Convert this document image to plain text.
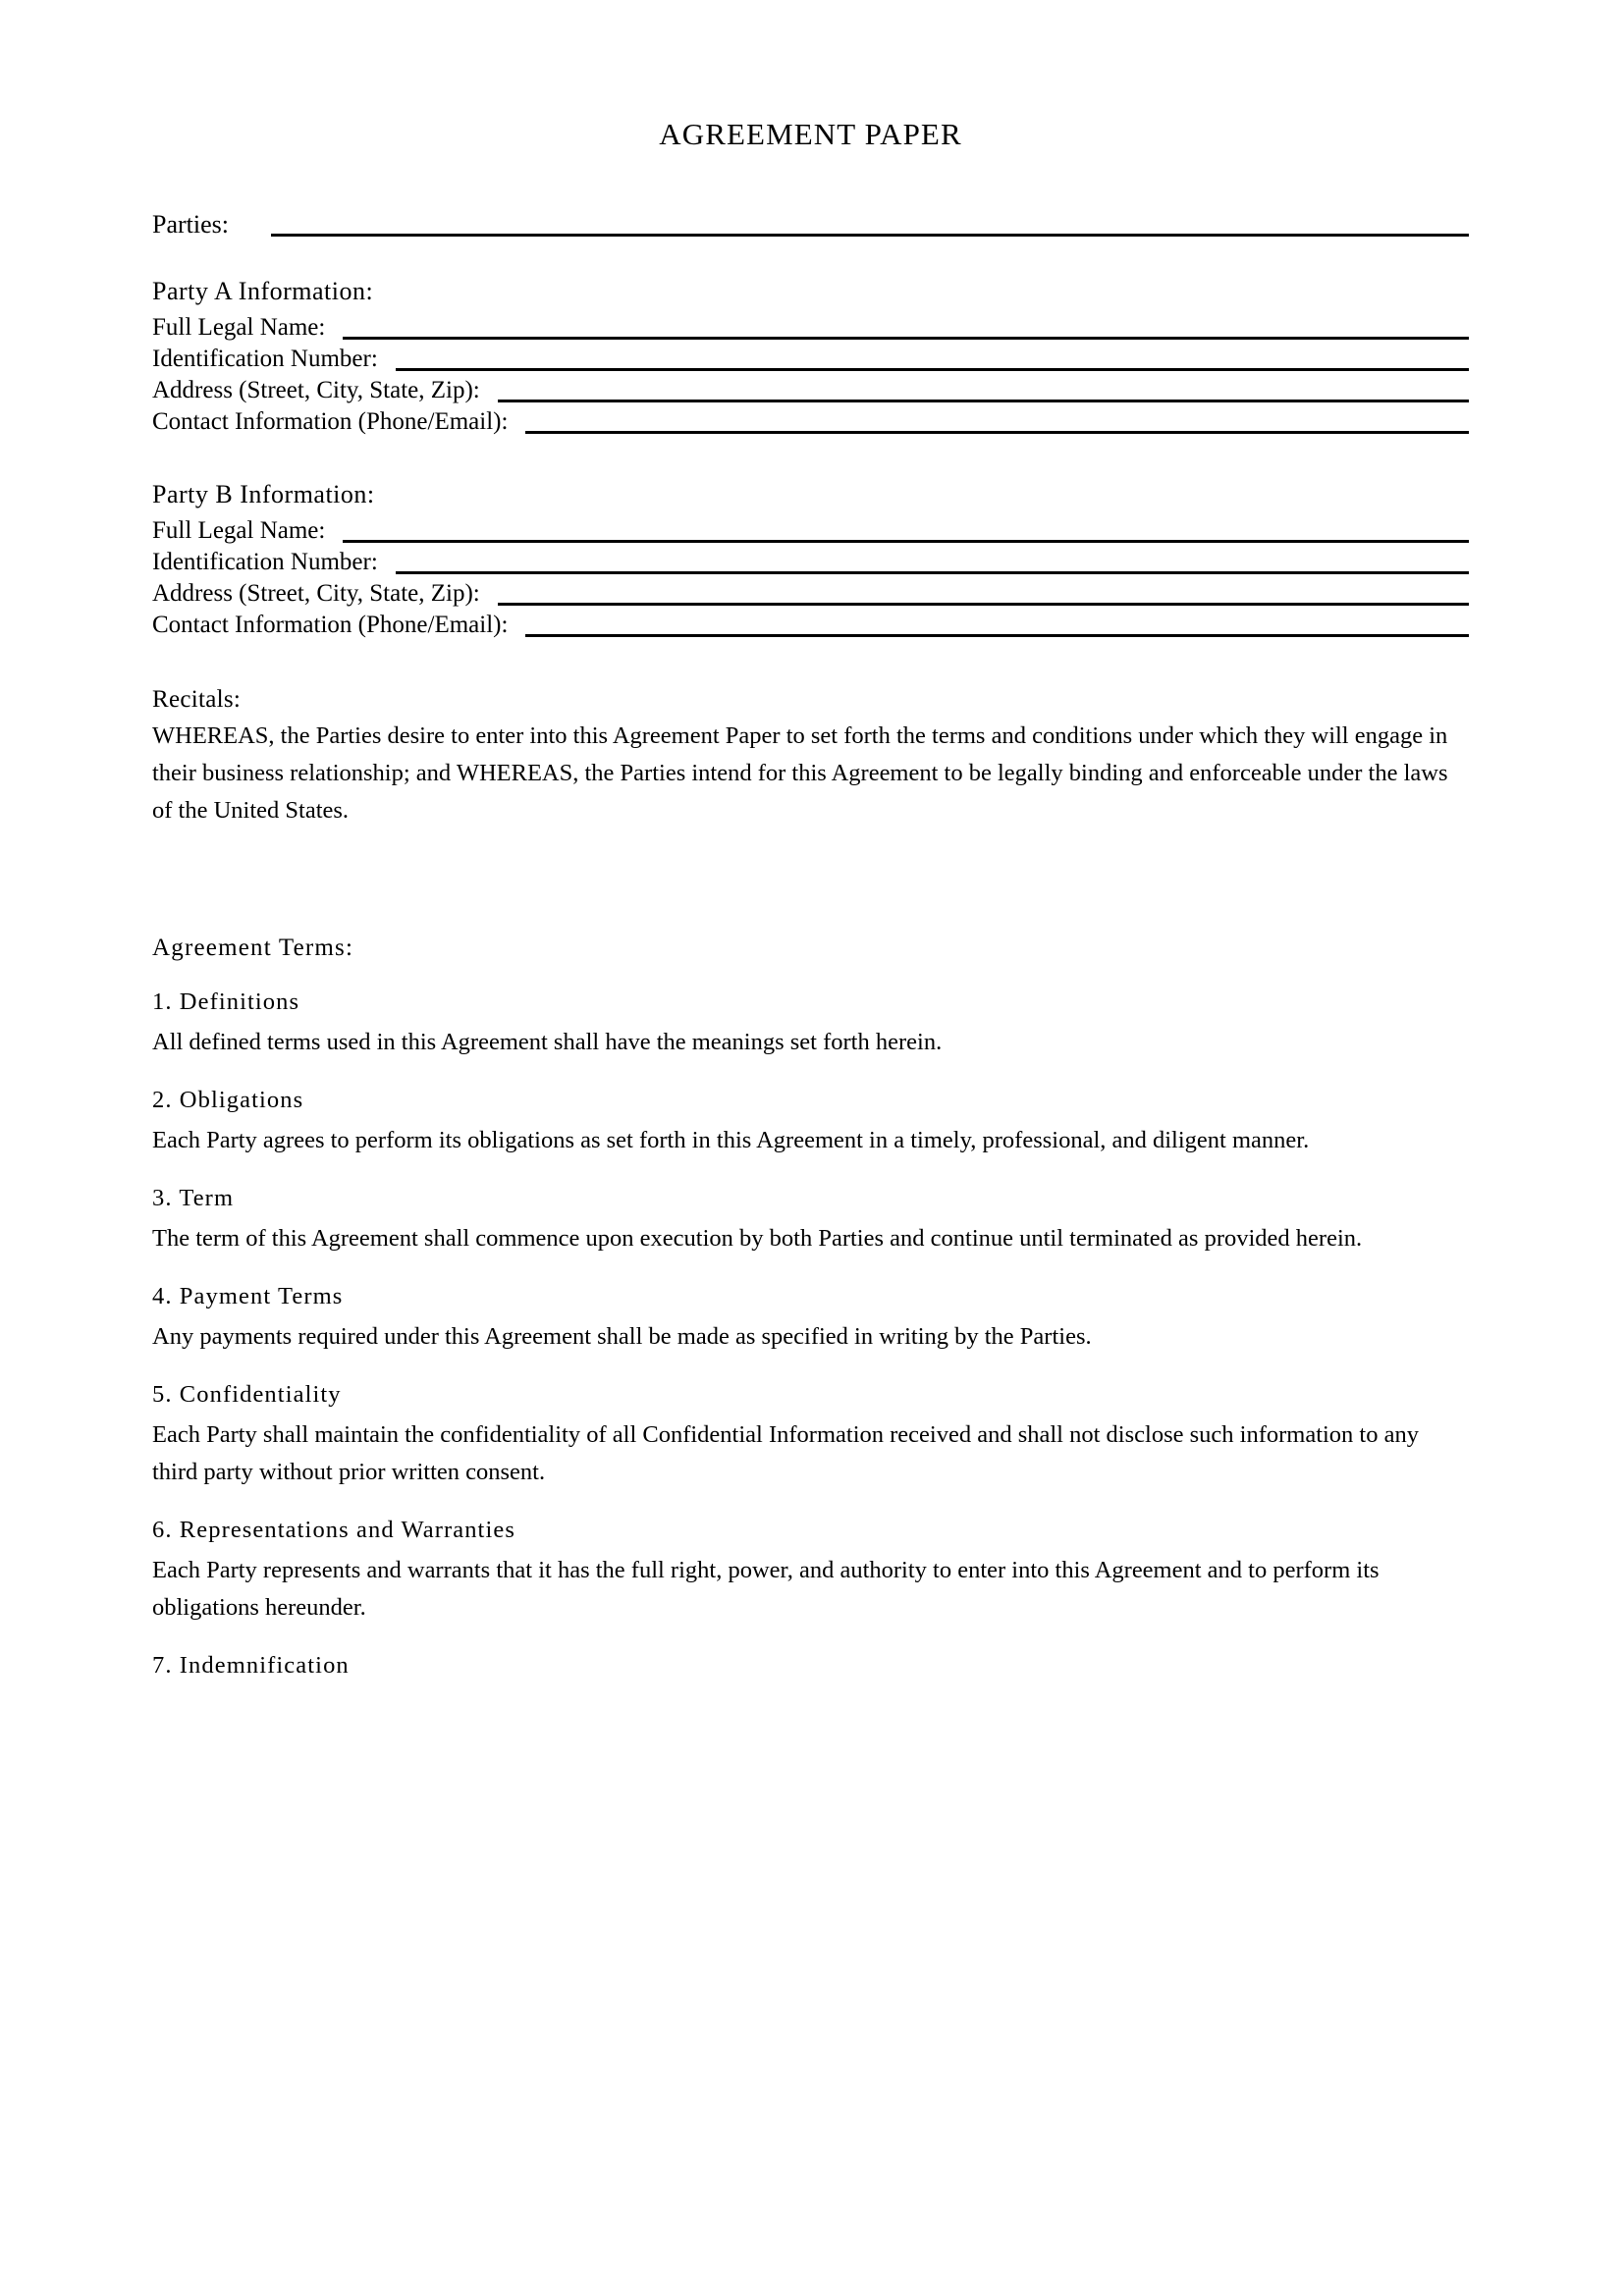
AGREEMENT PAPER
Parties:
Party A Information:
Full Legal Name:
Identification Number:
Address (Street, City, State, Zip):
Contact Information (Phone/Email):
Party B Information:
Full Legal Name:
Identification Number:
Address (Street, City, State, Zip):
Contact Information (Phone/Email):
Recitals:

WHEREAS, the Parties desire to enter into this Agreement Paper to set forth the terms and conditions under which they will engage in their business relationship; and WHEREAS, the Parties intend for this Agreement to be legally binding and enforceable under the laws of the United States.

Agreement Terms:
1. Definitions

All defined terms used in this Agreement shall have the meanings set forth herein.

2. Obligations

Each Party agrees to perform its obligations as set forth in this Agreement in a timely, professional, and diligent manner.

3. Term

The term of this Agreement shall commence upon execution by both Parties and continue until terminated as provided herein.

4. Payment Terms

Any payments required under this Agreement shall be made as specified in writing by the Parties.

5. Confidentiality

Each Party shall maintain the confidentiality of all Confidential Information received and shall not disclose such information to any third party without prior written consent.

6. Representations and Warranties

Each Party represents and warrants that it has the full right, power, and authority to enter into this Agreement and to perform its obligations hereunder.

7. Indemnification
